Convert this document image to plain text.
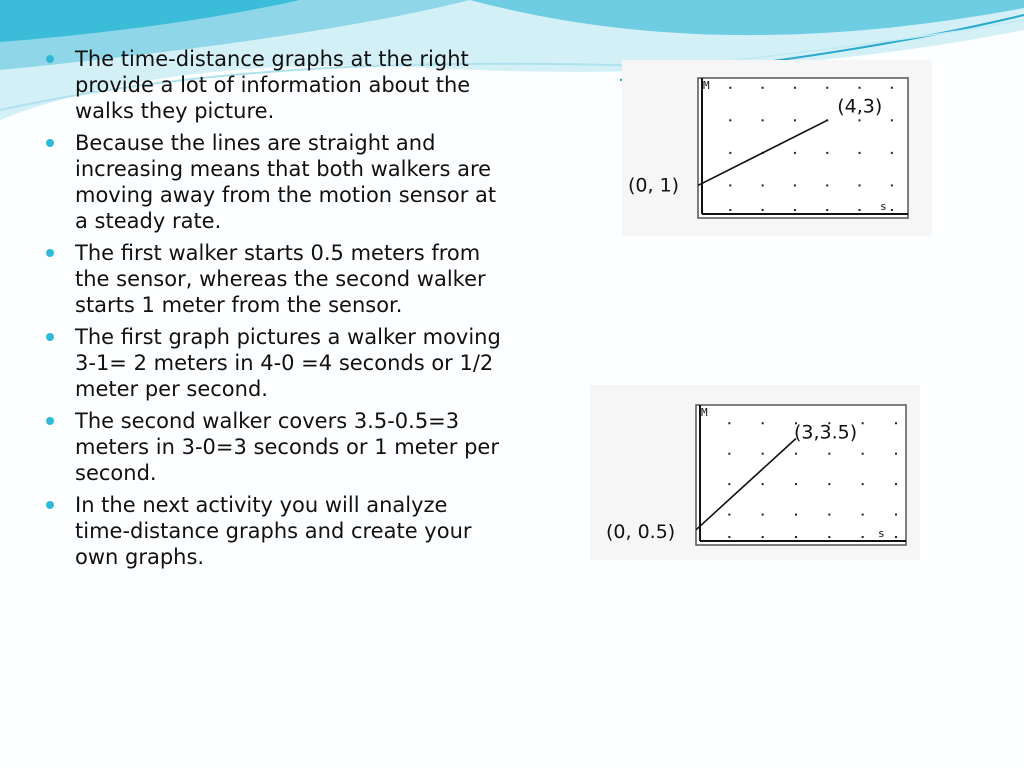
The time-distance graphs at the right provide a lot of information about the walks they picture.
Because the lines are straight and increasing means that both walkers are moving away from the motion sensor at a steady rate.
The first walker starts 0.5 meters from the sensor, whereas the second walker starts 1 meter from the sensor.
The first graph pictures a walker moving 3-1= 2 meters in 4-0 =4 seconds or 1/2 meter per second.
The second walker covers 3.5-0.5=3 meters in 3-0=3 seconds or 1 meter per second.
In the next activity you will analyze time-distance graphs and create your own graphs.
M
s
(0, 1)
(4,3)
M
s
(0, 0.5)
(3,3.5)
